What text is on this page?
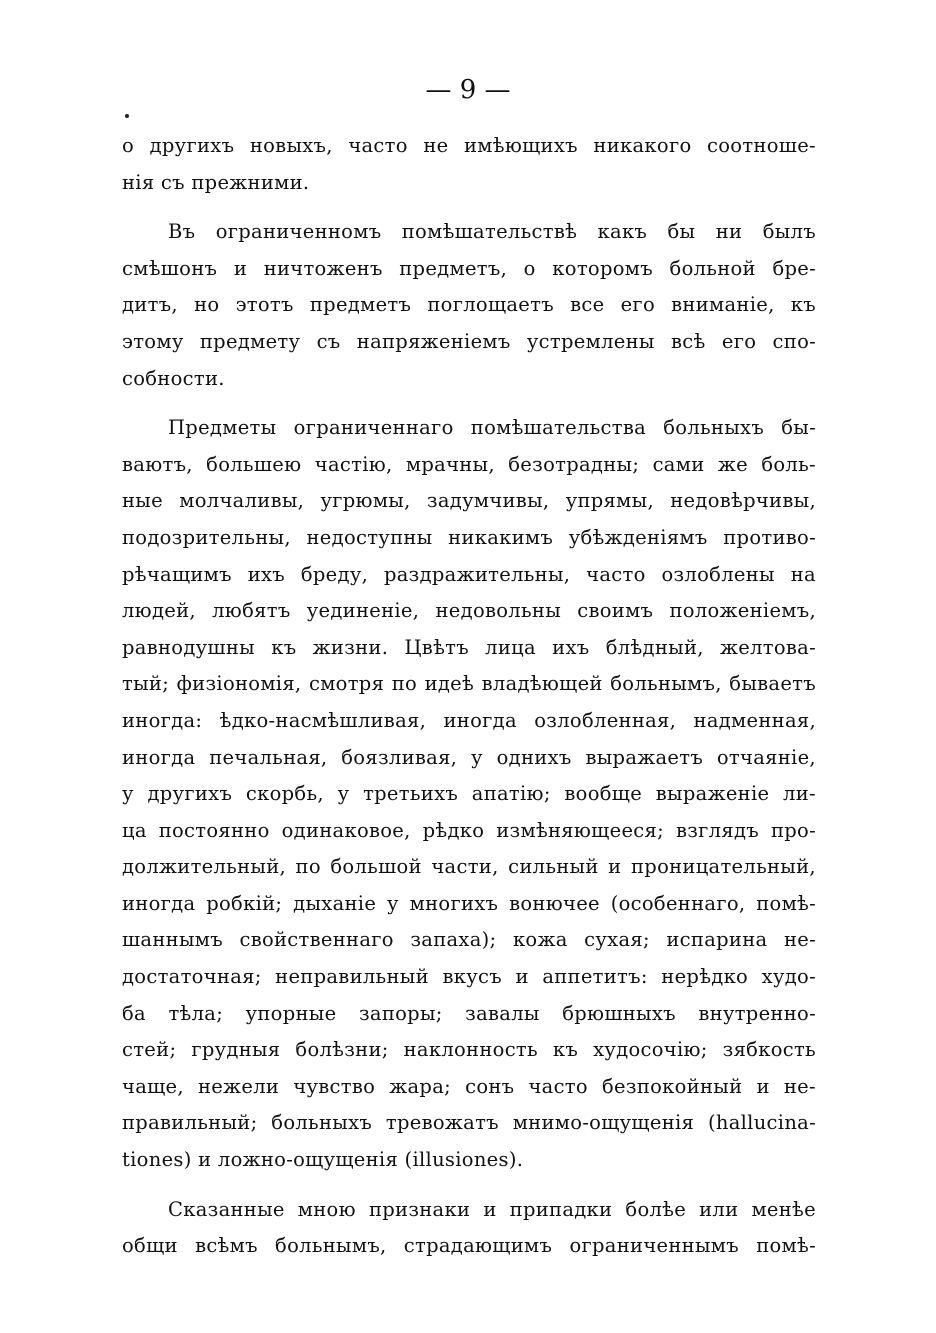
— 9 —
о другихъ новыхъ, часто не имѣющихъ никакого соотноше-
нія съ прежними.
Въ ограниченномъ помѣшательствѣ какъ бы ни былъ
смѣшонъ и ничтоженъ предметъ, о которомъ больной бре-
дитъ, но этотъ предметъ поглощаетъ все его вниманіе, къ
этому предмету съ напряженіемъ устремлены всѣ его спо-
собности.
Предметы ограниченнаго помѣшательства больныхъ бы-
ваютъ, большею частію, мрачны, безотрадны; сами же боль-
ные молчаливы, угрюмы, задумчивы, упрямы, недовѣрчивы,
подозрительны, недоступны никакимъ убѣжденіямъ противо-
рѣчащимъ ихъ бреду, раздражительны, часто озлоблены на
людей, любятъ уединеніе, недовольны своимъ положеніемъ,
равнодушны къ жизни. Цвѣтъ лица ихъ блѣдный, желтова-
тый; физіономія, смотря по идеѣ владѣющей больнымъ, бываетъ
иногда: ѣдко-насмѣшливая, иногда озлобленная, надменная,
иногда печальная, боязливая, у однихъ выражаетъ отчаяніе,
у другихъ скорбь, у третьихъ апатію; вообще выраженіе ли-
ца постоянно одинаковое, рѣдко измѣняющееся; взглядъ про-
должительный, по большой части, сильный и проницательный,
иногда робкій; дыханіе у многихъ вонючее (особеннаго, помѣ-
шаннымъ свойственнаго запаха); кожа сухая; испарина не-
достаточная; неправильный вкусъ и аппетитъ: нерѣдко худо-
ба тѣла; упорные запоры; завалы брюшныхъ внутренно-
стей; грудныя болѣзни; наклонность къ худосочію; зябкость
чаще, нежели чувство жара; сонъ часто безпокойный и не-
правильный; больныхъ тревожатъ мнимо-ощущенія (halluсina-
tiones) и ложно-ощущенія (illusiones).
Сказанные мною признаки и припадки болѣе или менѣе
общи всѣмъ больнымъ, страдающимъ ограниченнымъ помѣ-
